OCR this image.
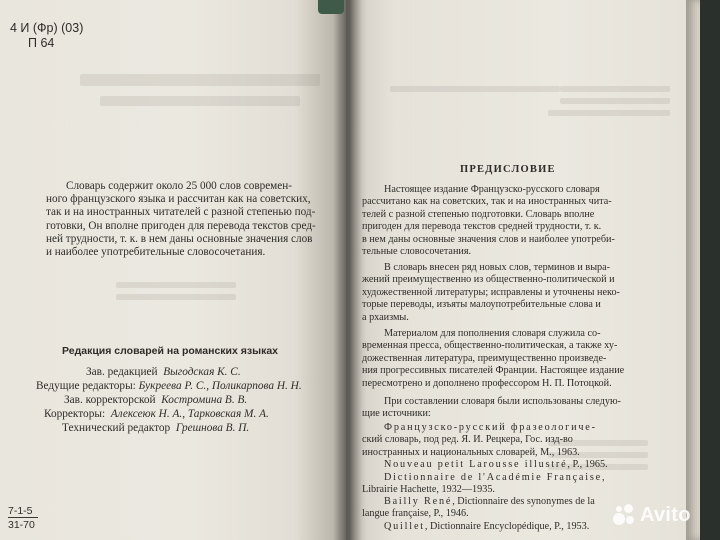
4 И (Фр) (03)
П 64
Словарь содержит около 25 000 слов современ-
ного французского языка и рассчитан как на советских,
так и на иностранных читателей с разной степенью под-
готовки, Он вполне пригоден для перевода текстов сред-
ней трудности, т. к. в нем даны основные значения слов
и наиболее употребительные словосочетания.
Редакция словарей на романских языках
Зав. редакцией Выгодская К. С.
Ведущие редакторы: Букреева Р. С., Поликарпова Н. Н.
Зав. корректорской Костромина В. В.
Корректоры: Алексеюк Н. А., Тарковская М. А.
Технический редактор Грешнова В. П.
7-1-5
31-70
ПРЕДИСЛОВИЕ
Настоящее издание Французско-русского словаря
рассчитано как на советских, так и на иностранных чита-
телей с разной степенью подготовки. Словарь вполне
пригоден для перевода текстов средней трудности, т. к.
в нем даны основные значения слов и наиболее употреби-
тельные словосочетания.
В словарь внесен ряд новых слов, терминов и выра-
жений преимущественно из общественно-политической и
художественной литературы; исправлены и уточнены неко-
торые переводы, изъяты малоупотребительные слова и
а рхаизмы.
Материалом для пополнения словаря служила со-
временная пресса, общественно-политическая, а также ху-
дожественная литература, преимущественно произведе-
ния прогрессивных писателей Франции. Настоящее издание
пересмотрено и дополнено профессором Н. П. Потоцкой.
При составлении словаря были использованы следую-
щие источники:
Французско-русский фразеологиче-
ский словарь, под ред. Я. И. Рецкера, Гос. изд-во
иностранных и национальных словарей, М., 1963.
Nouveau petit Larousse illustré, P., 1965.
Dictionnaire de l'Académie Française,
Librairie Hachette, 1932—1935.
Bailly René, Dictionnaire des synonymes de la
langue française, P., 1946.
Quillet, Dictionnaire Encyclopédique, P., 1953.
Avito
